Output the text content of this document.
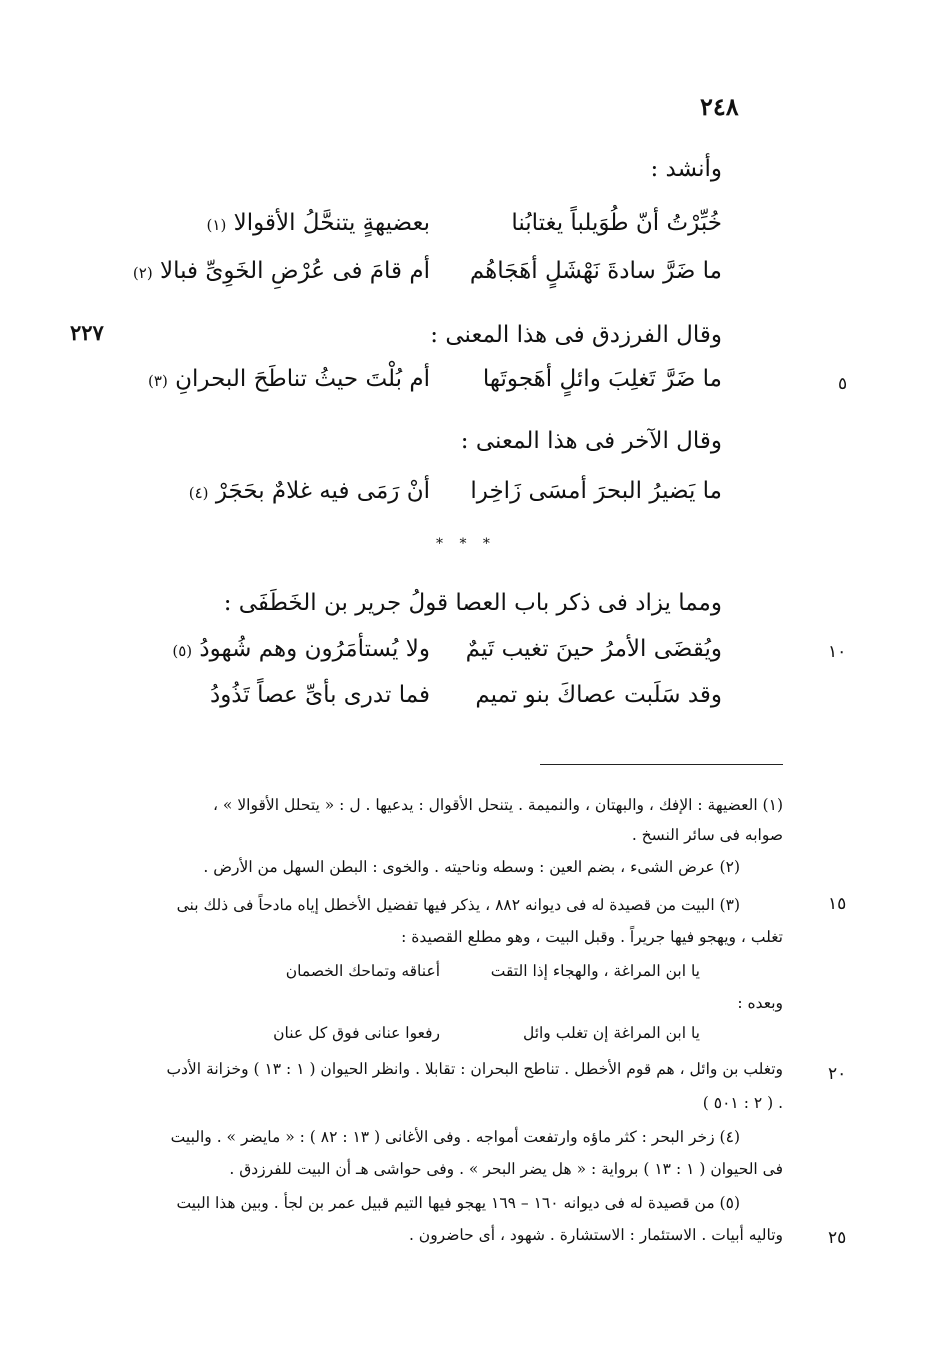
٢٤٨
٢٢٧
٥
١٠
١٥
٢٠
٢٥
وأنشد :
خُبِّرْتُ أنّ طُوَيلباً يغتابُنا
بعضيهةٍ يتنحَّلُ الأقوالا (١)
ما ضَرَّ سادةَ نَهْشَلٍ أهَجَاهُم
أم قامَ فى عُرْضِ الخَوِىِّ فبالا (٢)
وقال الفرزدق فى هذا المعنى :
ما ضَرَّ تَغلِبَ وائلٍ أهَجوتَها
أم بُلْتَ حيثُ تناطَحَ البحرانِ (٣)
وقال الآخر فى هذا المعنى :
ما يَضيرُ البحرَ أمسَى زَاخِرا
أنْ رَمَى فيه غلامٌ بحَجَرْ (٤)
* * *
ومما يزاد فى ذكر باب العصا قولُ جرير بن الخَطَفَى :
ويُقضَى الأمرُ حينَ تغيب تَيمٌ
ولا يُستأمَرُون وهم شُهودُ (٥)
وقد سَلَبت عصاكَ بنو تميم
فما تدرى بأىِّ عصاً تَذُودُ
(١) العضيهة : الإفك ، والبهتان ، والنميمة . يتنحل الأقوال : يدعيها . ل : « يتحلل الأقوالا » ،
صوابه فى سائر النسخ .
(٢) عرض الشىء ، بضم العين : وسطه وناحيته . والخوى : البطن السهل من الأرض .
(٣) البيت من قصيدة له فى ديوانه ٨٨٢ ، يذكر فيها تفضيل الأخطل إياه مادحاً فى ذلك بنى
تغلب ، ويهجو فيها جريراً . وقبل البيت ، وهو مطلع القصيدة :
يا ابن المراغة ، والهجاء إذا التقت
أعناقه وتماحك الخصمان
وبعده :
يا ابن المراغة إن تغلب وائل
رفعوا عنانى فوق كل عنان
وتغلب بن وائل ، هم قوم الأخطل . تناطح البحران : تقابلا . وانظر الحيوان ( ١ : ١٣ ) وخزانة الأدب
( ٢ : ٥٠١ ) .
(٤) زخر البحر : كثر ماؤه وارتفعت أمواجه . وفى الأغانى ( ١٣ : ٨٢ ) : « مايضر » . والبيت
فى الحيوان ( ١ : ١٣ ) برواية : « هل يضر البحر » . وفى حواشى هـ أن البيت للفرزدق .
(٥) من قصيدة له فى ديوانه ١٦٠ – ١٦٩ يهجو فيها التيم قبيل عمر بن لجأ . وبين هذا البيت
وتاليه أبيات . الاستئمار : الاستشارة . شهود ، أى حاضرون .
